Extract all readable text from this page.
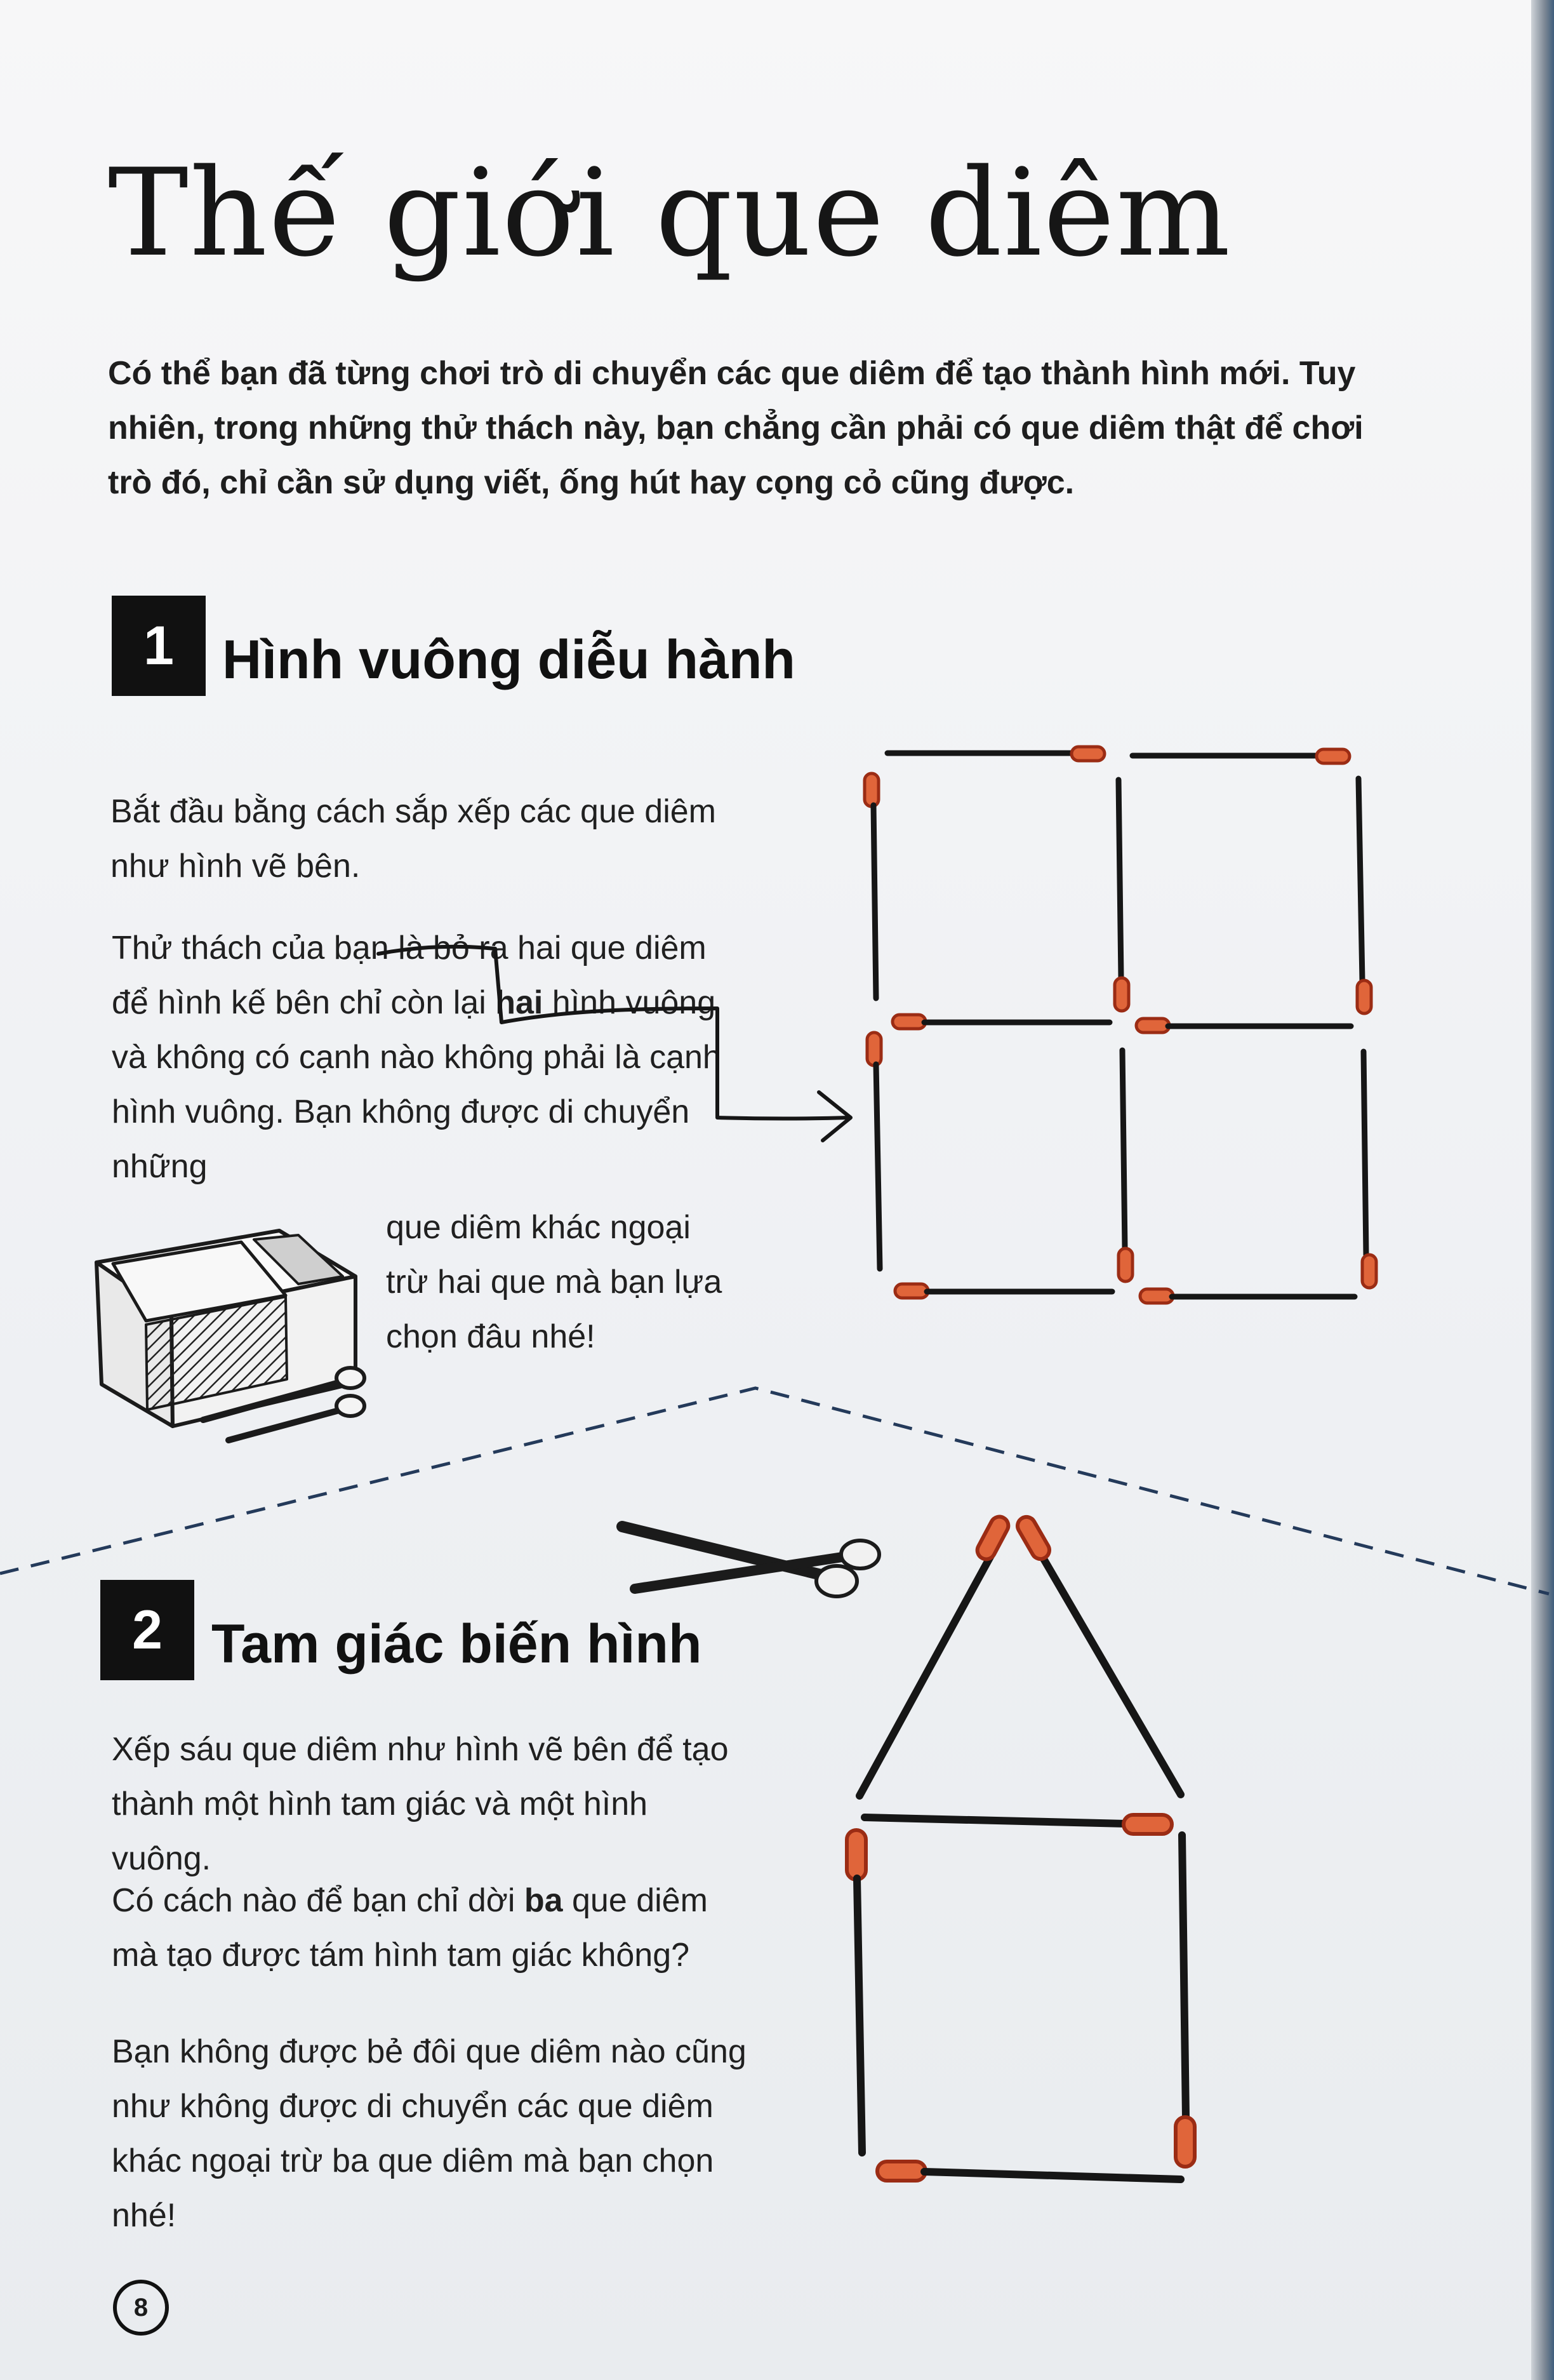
Thế giới que diêm
Có thể bạn đã từng chơi trò di chuyển các que diêm để tạo thành hình mới. Tuy nhiên, trong những thử thách này, bạn chẳng cần phải có que diêm thật để chơi trò đó, chỉ cần sử dụng viết, ống hút hay cọng cỏ cũng được.
1 Hình vuông diễu hành
Bắt đầu bằng cách sắp xếp các que diêm như hình vẽ bên.
Thử thách của bạn là bỏ ra hai que diêm để hình kế bên chỉ còn lại hai hình vuông và không có cạnh nào không phải là cạnh hình vuông. Bạn không được di chuyển những
que diêm khác ngoại trừ hai que mà bạn lựa chọn đâu nhé!
2 Tam giác biến hình
Xếp sáu que diêm như hình vẽ bên để tạo thành một hình tam giác và một hình vuông.
Có cách nào để bạn chỉ dời ba que diêm mà tạo được tám hình tam giác không?
Bạn không được bẻ đôi que diêm nào cũng như không được di chuyển các que diêm khác ngoại trừ ba que diêm mà bạn chọn nhé!
8
